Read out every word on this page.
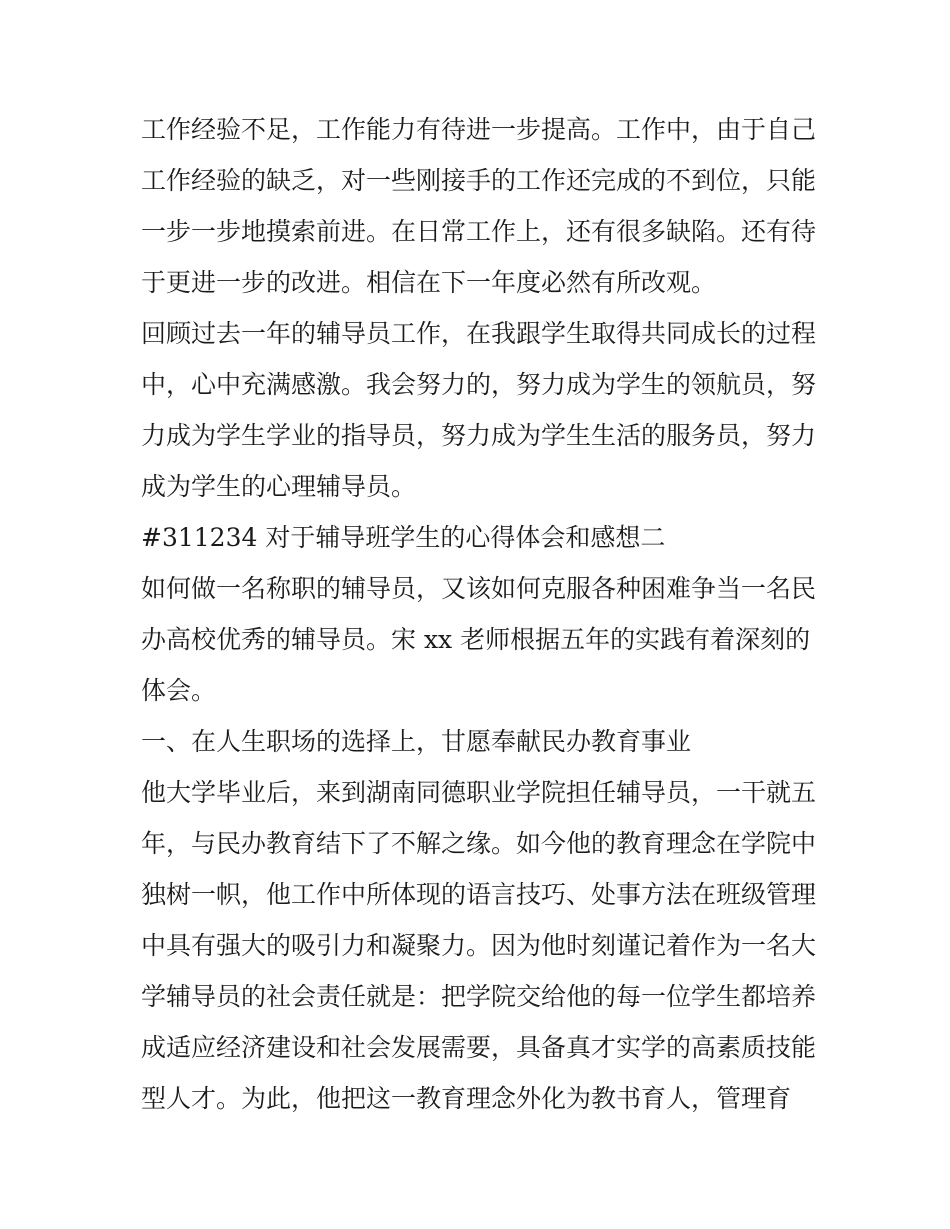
工作经验不足，工作能力有待进一步提高。工作中，由于自己
工作经验的缺乏，对一些刚接手的工作还完成的不到位，只能
一步一步地摸索前进。在日常工作上，还有很多缺陷。还有待
于更进一步的改进。相信在下一年度必然有所改观。
回顾过去一年的辅导员工作，在我跟学生取得共同成长的过程
中，心中充满感激。我会努力的，努力成为学生的领航员，努
力成为学生学业的指导员，努力成为学生生活的服务员，努力
成为学生的心理辅导员。
#311234 对于辅导班学生的心得体会和感想二
如何做一名称职的辅导员，又该如何克服各种困难争当一名民
办高校优秀的辅导员。宋 xx 老师根据五年的实践有着深刻的
体会。
一、在人生职场的选择上，甘愿奉献民办教育事业
他大学毕业后，来到湖南同德职业学院担任辅导员，一干就五
年，与民办教育结下了不解之缘。如今他的教育理念在学院中
独树一帜，他工作中所体现的语言技巧、处事方法在班级管理
中具有强大的吸引力和凝聚力。因为他时刻谨记着作为一名大
学辅导员的社会责任就是：把学院交给他的每一位学生都培养
成适应经济建设和社会发展需要，具备真才实学的高素质技能
型人才。为此，他把这一教育理念外化为教书育人，管理育
